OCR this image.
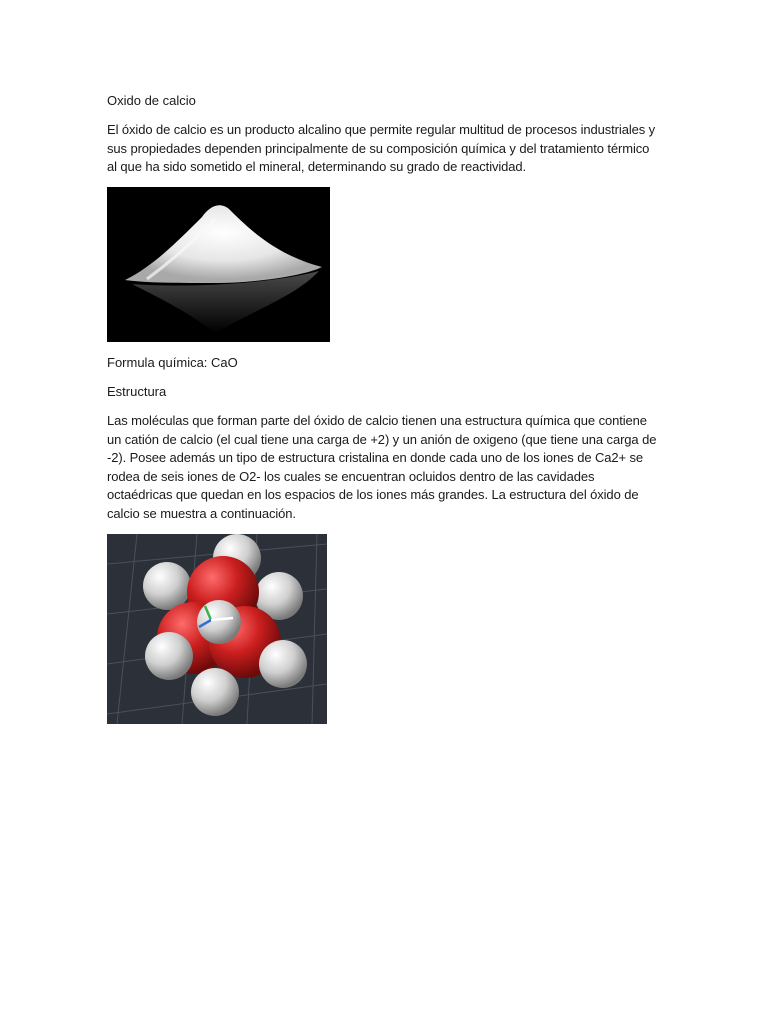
Oxido de calcio
El óxido de calcio es un producto alcalino que permite regular multitud de procesos industriales y sus propiedades dependen principalmente de su composición química y del tratamiento térmico al que ha sido sometido el mineral, determinando su grado de reactividad.
Formula química: CaO
Estructura
Las moléculas que forman parte del óxido de calcio tienen una estructura química que contiene un catión de calcio (el cual tiene una carga de +2) y un anión de oxigeno (que tiene una carga de -2). Posee además un tipo de estructura cristalina en donde cada uno de los iones de Ca2+ se rodea de seis iones de O2- los cuales se encuentran ocluidos dentro de las cavidades octaédricas que quedan en los espacios de los iones más grandes. La estructura del óxido de calcio se muestra a continuación.
